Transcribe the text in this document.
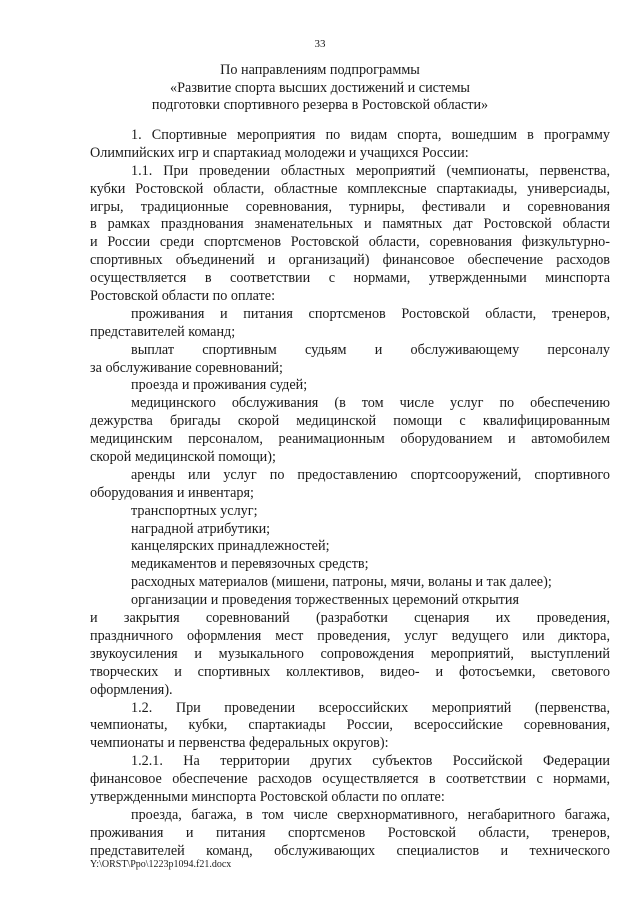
33
По направлениям подпрограммы
«Развитие спорта высших достижений и системы
подготовки спортивного резерва в Ростовской области»
1. Спортивные мероприятия по видам спорта, вошедшим в программу
Олимпийских игр и спартакиад молодежи и учащихся России:
1.1. При проведении областных мероприятий (чемпионаты, первенства,
кубки Ростовской области, областные комплексные спартакиады, универсиады,
игры, традиционные соревнования, турниры, фестивали и соревнования
в рамках празднования знаменательных и памятных дат Ростовской области
и России среди спортсменов Ростовской области, соревнования физкультурно-
спортивных объединений и организаций) финансовое обеспечение расходов
осуществляется в соответствии с нормами, утвержденными минспорта
Ростовской области по оплате:
проживания и питания спортсменов Ростовской области, тренеров,
представителей команд;
выплат спортивным судьям и обслуживающему персоналу
за обслуживание соревнований;
проезда и проживания судей;
медицинского обслуживания (в том числе услуг по обеспечению
дежурства бригады скорой медицинской помощи с квалифицированным
медицинским персоналом, реанимационным оборудованием и автомобилем
скорой медицинской помощи);
аренды или услуг по предоставлению спортсооружений, спортивного
оборудования и инвентаря;
транспортных услуг;
наградной атрибутики;
канцелярских принадлежностей;
медикаментов и перевязочных средств;
расходных материалов (мишени, патроны, мячи, воланы и так далее);
организации и проведения торжественных церемоний открытия
и закрытия соревнований (разработки сценария их проведения,
праздничного оформления мест проведения, услуг ведущего или диктора,
звукоусиления и музыкального сопровождения мероприятий, выступлений
творческих и спортивных коллективов, видео- и фотосъемки, светового
оформления).
1.2. При проведении всероссийских мероприятий (первенства,
чемпионаты, кубки, спартакиады России, всероссийские соревнования,
чемпионаты и первенства федеральных округов):
1.2.1. На территории других субъектов Российской Федерации
финансовое обеспечение расходов осуществляется в соответствии с нормами,
утвержденными минспорта Ростовской области по оплате:
проезда, багажа, в том числе сверхнормативного, негабаритного багажа,
проживания и питания спортсменов Ростовской области, тренеров,
представителей команд, обслуживающих специалистов и технического
Y:\ORST\Ppo\1223p1094.f21.docx
